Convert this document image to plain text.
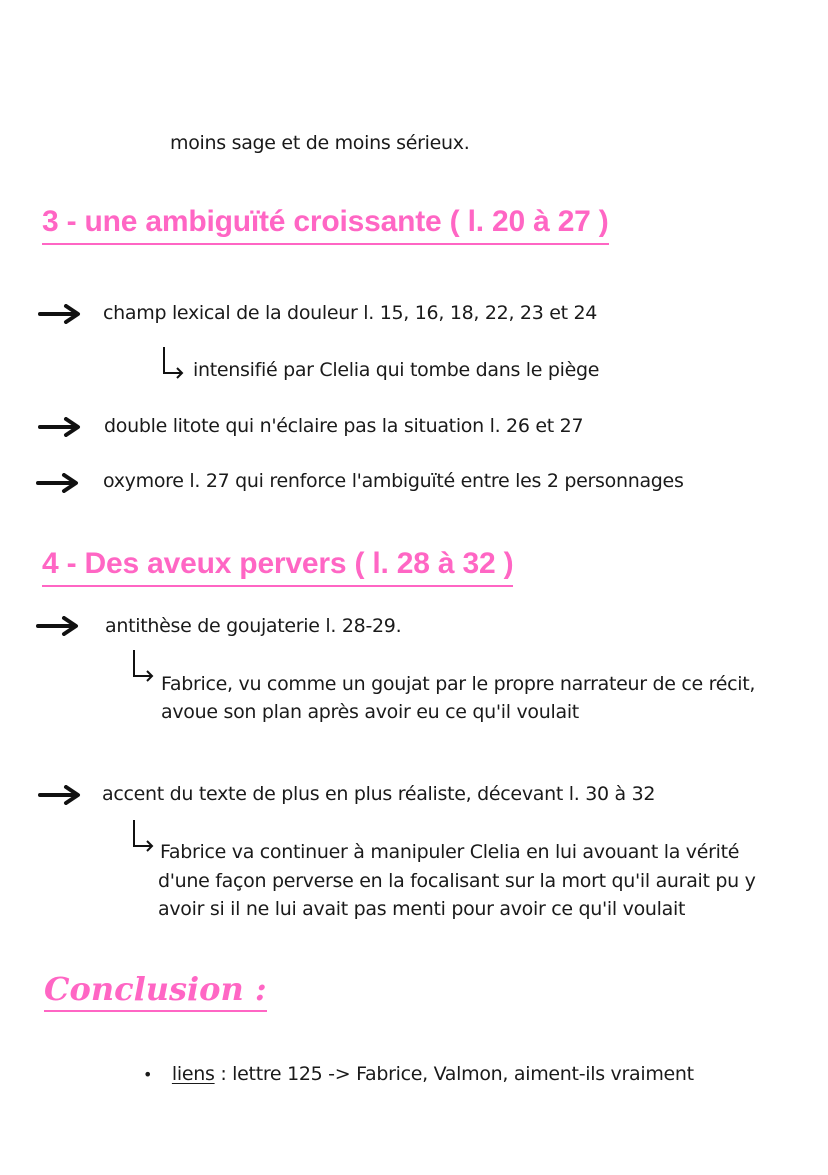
moins sage et de moins sérieux.
3 - une ambiguïté croissante ( l. 20 à 27 )
champ lexical de la douleur l. 15, 16, 18, 22, 23 et 24
intensifié par Clelia qui tombe dans le piège
double litote qui n'éclaire pas la situation l. 26 et 27
oxymore l. 27 qui renforce l'ambiguïté entre les 2 personnages
4 - Des aveux pervers ( l. 28 à 32 )
antithèse de goujaterie l. 28-29.
Fabrice, vu comme un goujat par le propre narrateur de ce récit,
avoue son plan après avoir eu ce qu'il voulait
accent du texte de plus en plus réaliste, décevant l. 30 à 32
Fabrice va continuer à manipuler Clelia en lui avouant la vérité
d'une façon perverse en la focalisant sur la mort qu'il aurait pu y
avoir si il ne lui avait pas menti pour avoir ce qu'il voulait
Conclusion :
• liens : lettre 125 -> Fabrice, Valmon, aiment-ils vraiment
